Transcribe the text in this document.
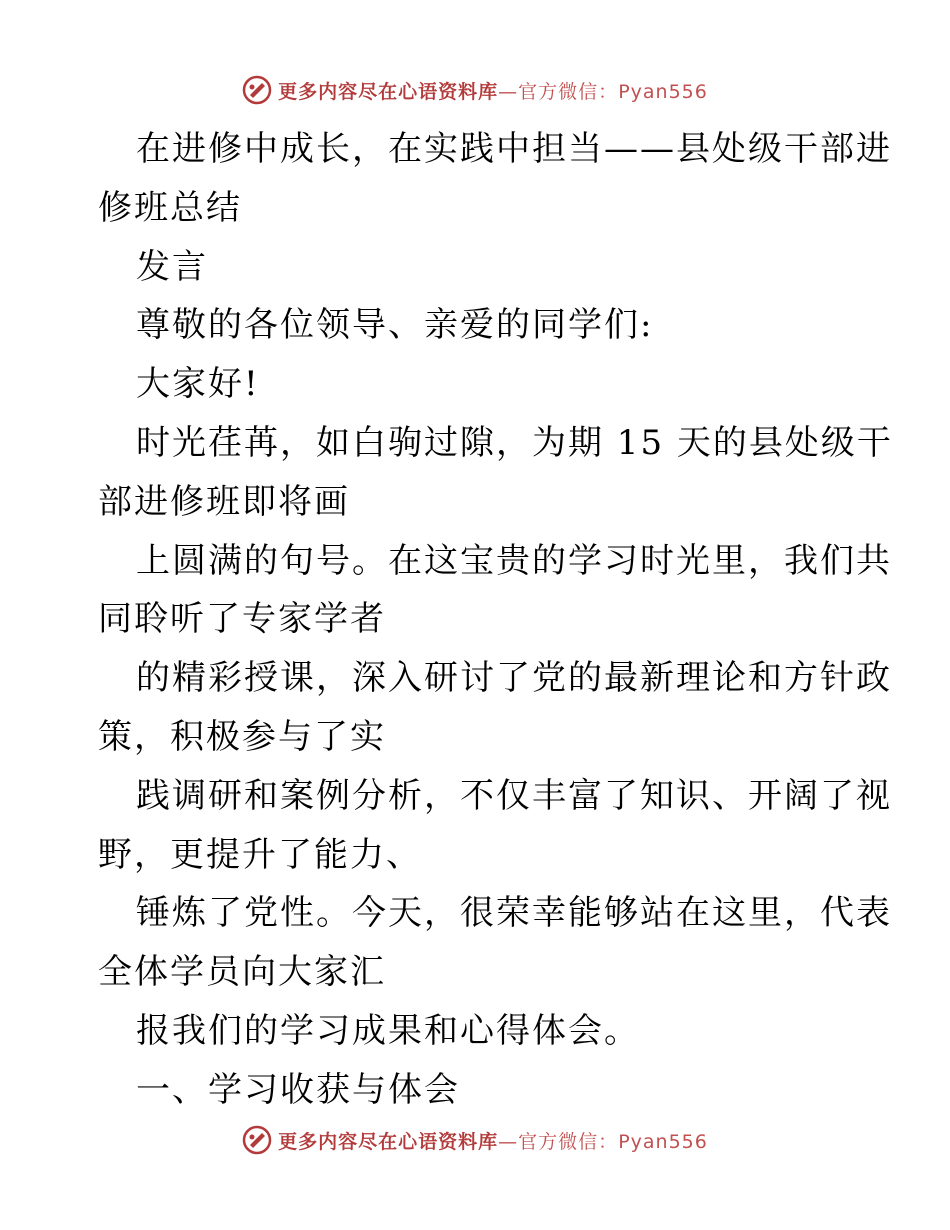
更多内容尽在心语资料库—官方微信：Pyan556
在进修中成长，在实践中担当——县处级干部进
修班总结
发言
尊敬的各位领导、亲爱的同学们:
大家好!
时光荏苒，如白驹过隙，为期 15 天的县处级干
部进修班即将画
上圆满的句号。在这宝贵的学习时光里，我们共
同聆听了专家学者
的精彩授课，深入研讨了党的最新理论和方针政
策，积极参与了实
践调研和案例分析，不仅丰富了知识、开阔了视
野，更提升了能力、
锤炼了党性。今天，很荣幸能够站在这里，代表
全体学员向大家汇
报我们的学习成果和心得体会。
一、学习收获与体会
更多内容尽在心语资料库—官方微信：Pyan556
